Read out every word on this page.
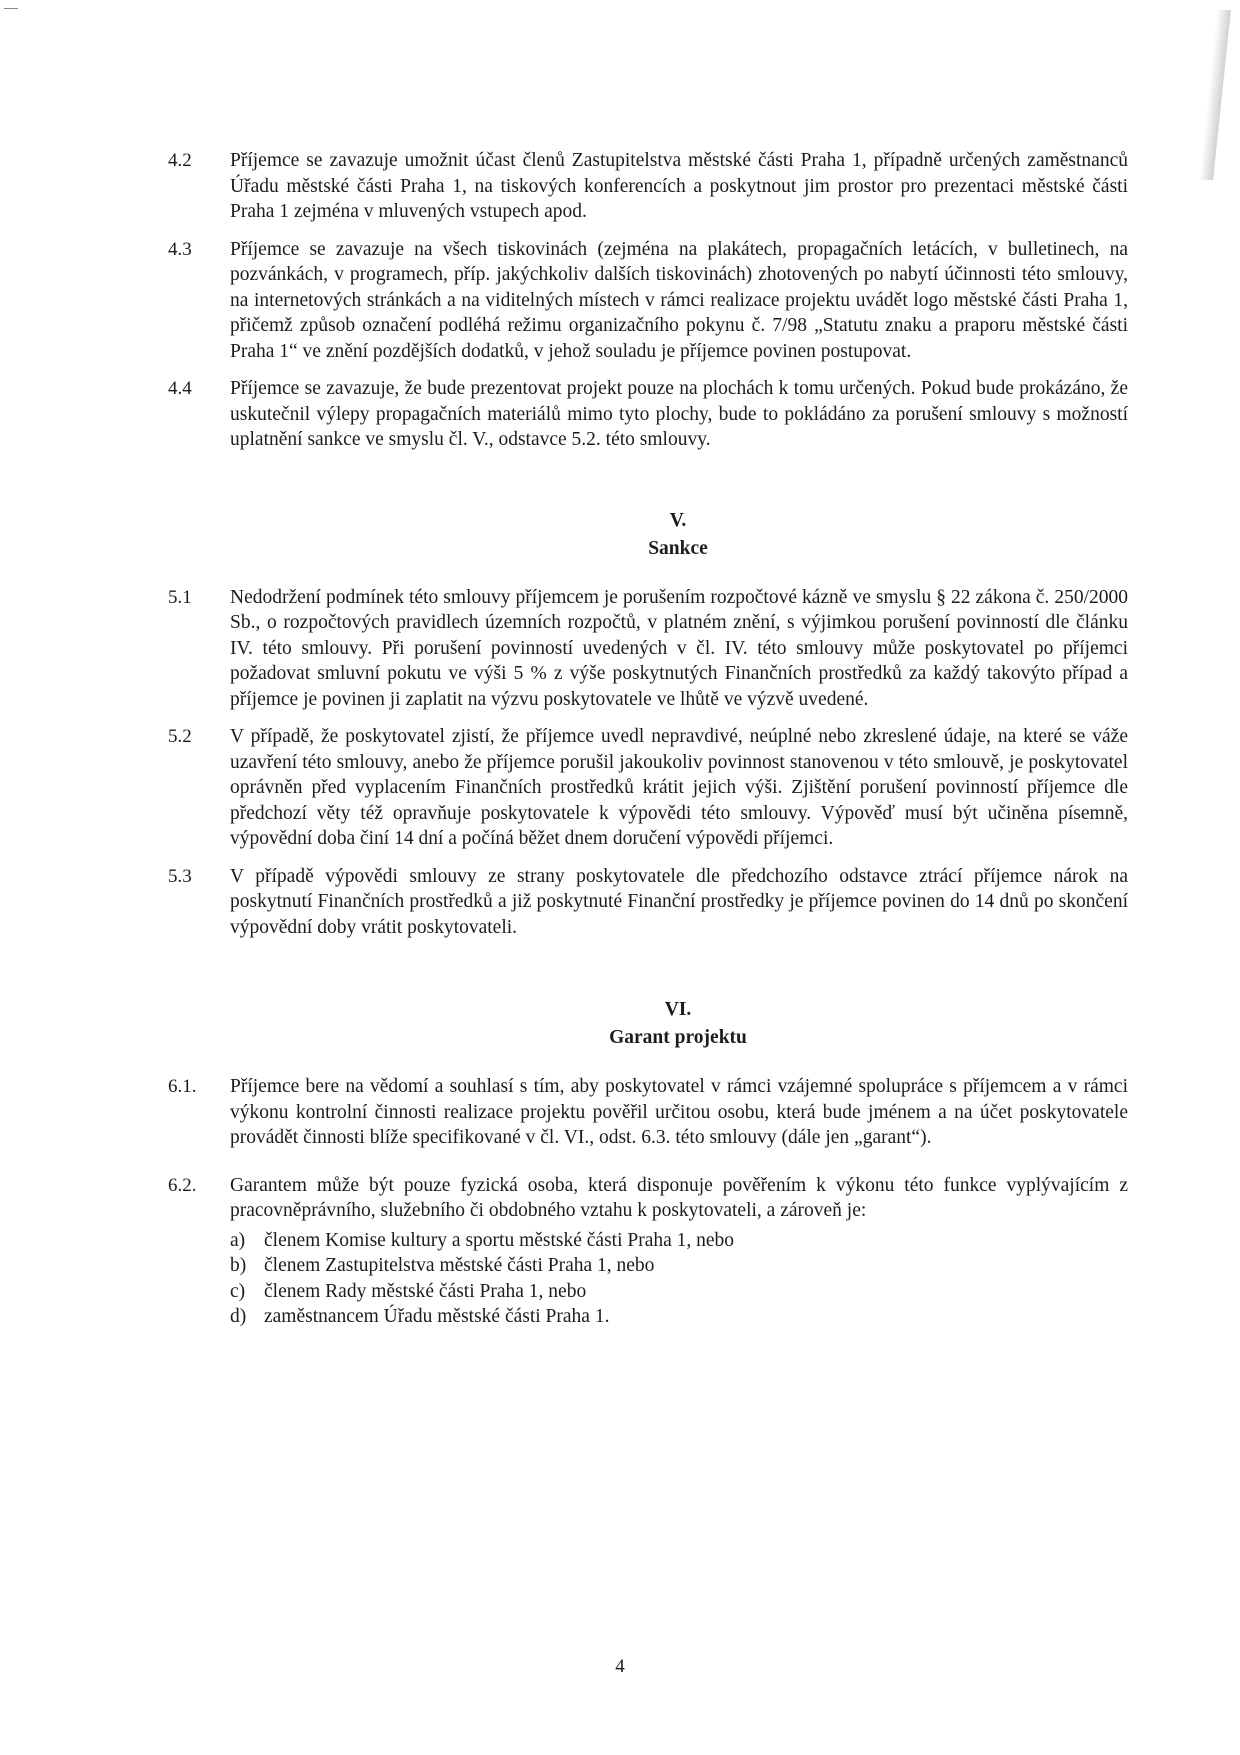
4.2 Příjemce se zavazuje umožnit účast členů Zastupitelstva městské části Praha 1, případně určených zaměstnanců Úřadu městské části Praha 1, na tiskových konferencích a poskytnout jim prostor pro prezentaci městské části Praha 1 zejména v mluvených vstupech apod.
4.3 Příjemce se zavazuje na všech tiskovinách (zejména na plakátech, propagačních letácích, v bulletinech, na pozvánkách, v programech, příp. jakýchkoliv dalších tiskovinách) zhotovených po nabytí účinnosti této smlouvy, na internetových stránkách a na viditelných místech v rámci realizace projektu uvádět logo městské části Praha 1, přičemž způsob označení podléhá režimu organizačního pokynu č. 7/98 „Statutu znaku a praporu městské části Praha 1“ ve znění pozdějších dodatků, v jehož souladu je příjemce povinen postupovat.
4.4 Příjemce se zavazuje, že bude prezentovat projekt pouze na plochách k tomu určených. Pokud bude prokázáno, že uskutečnil výlepy propagačních materiálů mimo tyto plochy, bude to pokládáno za porušení smlouvy s možností uplatnění sankce ve smyslu čl. V., odstavce 5.2. této smlouvy.
V.
Sankce
5.1 Nedodržení podmínek této smlouvy příjemcem je porušením rozpočtové kázně ve smyslu § 22 zákona č. 250/2000 Sb., o rozpočtových pravidlech územních rozpočtů, v platném znění, s výjimkou porušení povinností dle článku IV. této smlouvy. Při porušení povinností uvedených v čl. IV. této smlouvy může poskytovatel po příjemci požadovat smluvní pokutu ve výši 5 % z výše poskytnutých Finančních prostředků za každý takovýto případ a příjemce je povinen ji zaplatit na výzvu poskytovatele ve lhůtě ve výzvě uvedené.
5.2 V případě, že poskytovatel zjistí, že příjemce uvedl nepravdivé, neúplné nebo zkreslené údaje, na které se váže uzavření této smlouvy, anebo že příjemce porušil jakoukoliv povinnost stanovenou v této smlouvě, je poskytovatel oprávněn před vyplacením Finančních prostředků krátit jejich výši. Zjištění porušení povinností příjemce dle předchozí věty též opravňuje poskytovatele k výpovědi této smlouvy. Výpověď musí být učiněna písemně, výpovědní doba činí 14 dní a počíná běžet dnem doručení výpovědi příjemci.
5.3 V případě výpovědi smlouvy ze strany poskytovatele dle předchozího odstavce ztrácí příjemce nárok na poskytnutí Finančních prostředků a již poskytnuté Finanční prostředky je příjemce povinen do 14 dnů po skončení výpovědní doby vrátit poskytovateli.
VI.
Garant projektu
6.1. Příjemce bere na vědomí a souhlasí s tím, aby poskytovatel v rámci vzájemné spolupráce s příjemcem a v rámci výkonu kontrolní činnosti realizace projektu pověřil určitou osobu, která bude jménem a na účet poskytovatele provádět činnosti blíže specifikované v čl. VI., odst. 6.3. této smlouvy (dále jen „garant“).
6.2. Garantem může být pouze fyzická osoba, která disponuje pověřením k výkonu této funkce vyplývajícím z pracovněprávního, služebního či obdobného vztahu k poskytovateli, a zároveň je:
a) členem Komise kultury a sportu městské části Praha 1, nebo
b) členem Zastupitelstva městské části Praha 1, nebo
c) členem Rady městské části Praha 1, nebo
d) zaměstnancem Úřadu městské části Praha 1.
4
